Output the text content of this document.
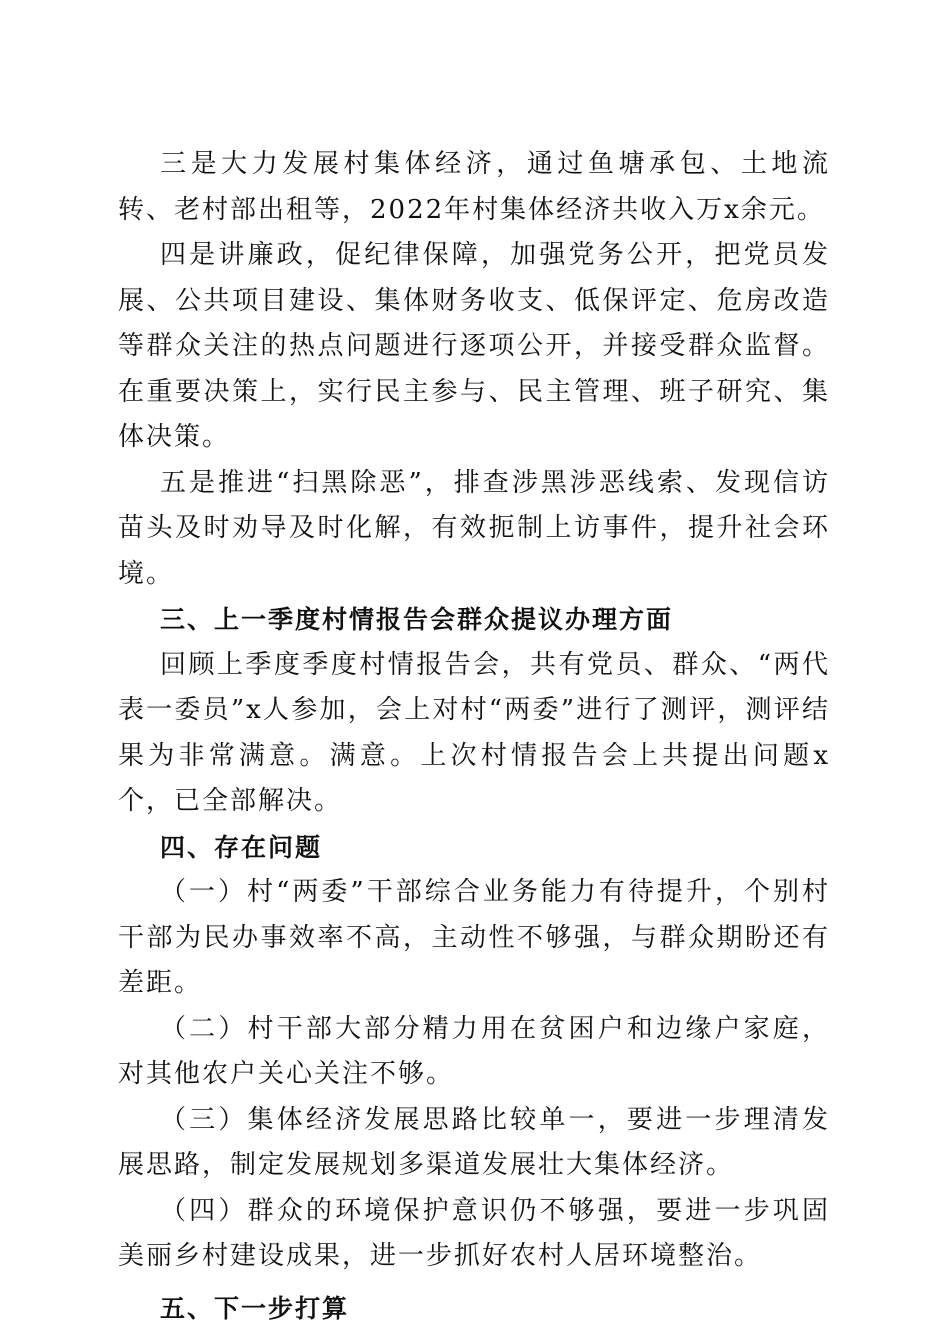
三是大力发展村集体经济，通过鱼塘承包、土地流转、老村部出租等，2022年村集体经济共收入万x余元。

四是讲廉政，促纪律保障，加强党务公开，把党员发展、公共项目建设、集体财务收支、低保评定、危房改造等群众关注的热点问题进行逐项公开，并接受群众监督。在重要决策上，实行民主参与、民主管理、班子研究、集体决策。

五是推进“扫黑除恶”，排查涉黑涉恶线索、发现信访苗头及时劝导及时化解，有效扼制上访事件，提升社会环境。

三、上一季度村情报告会群众提议办理方面

回顾上季度季度村情报告会，共有党员、群众、“两代表一委员”x人参加，会上对村“两委”进行了测评，测评结果为非常满意。满意。上次村情报告会上共提出问题x个，已全部解决。

四、存在问题

（一）村“两委”干部综合业务能力有待提升，个别村干部为民办事效率不高，主动性不够强，与群众期盼还有差距。

（二）村干部大部分精力用在贫困户和边缘户家庭，对其他农户关心关注不够。

（三）集体经济发展思路比较单一，要进一步理清发展思路，制定发展规划多渠道发展壮大集体经济。

（四）群众的环境保护意识仍不够强，要进一步巩固美丽乡村建设成果，进一步抓好农村人居环境整治。

五、下一步打算
